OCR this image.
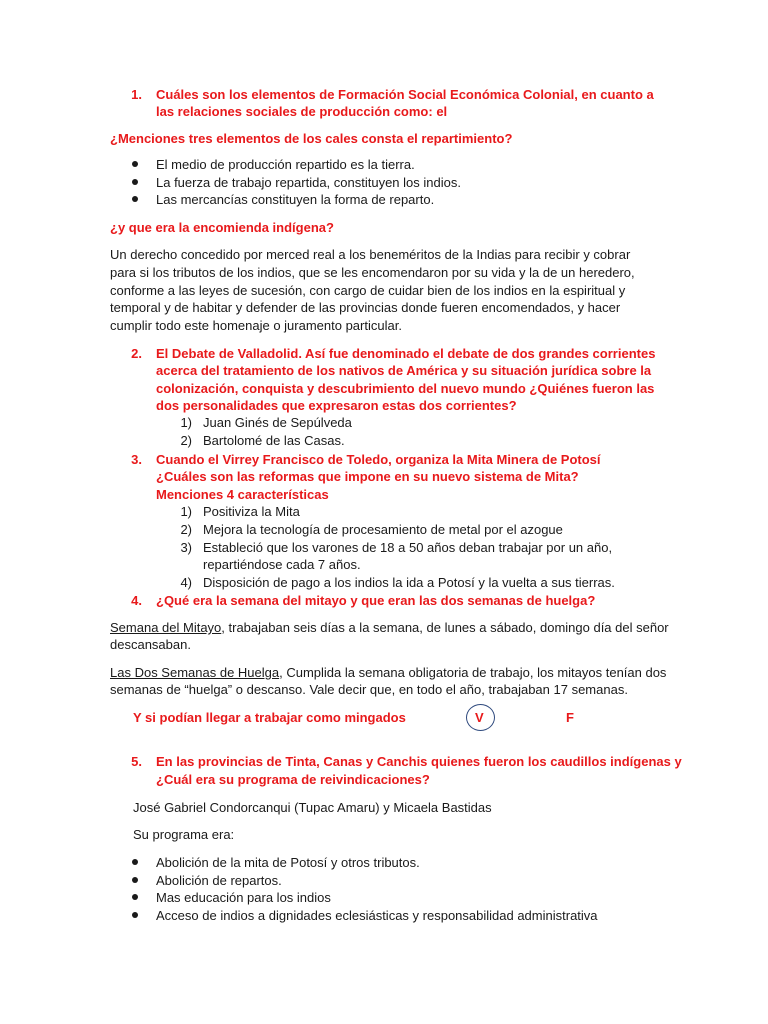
1. Cuáles son los elementos de Formación Social Económica Colonial, en cuanto a
las relaciones sociales de producción como: el
¿Menciones tres elementos de los cales consta el repartimiento?
El medio de producción repartido es la tierra.
La fuerza de trabajo repartida, constituyen los indios.
Las mercancías constituyen la forma de reparto.
¿y que era la encomienda indígena?
Un derecho concedido por merced real a los beneméritos de la Indias para recibir y cobrar
para si los tributos de los indios, que se les encomendaron por su vida y la de un heredero,
conforme a las leyes de sucesión, con cargo de cuidar bien de los indios en la espiritual y
temporal y de habitar y defender de las provincias donde fueren encomendados, y hacer
cumplir todo este homenaje o juramento particular.
2. El Debate de Valladolid. Así fue denominado el debate de dos grandes corrientes
acerca del tratamiento de los nativos de América y su situación jurídica sobre la
colonización, conquista y descubrimiento del nuevo mundo ¿Quiénes fueron las
dos personalidades que expresaron estas dos corrientes?
1) Juan Ginés de Sepúlveda
2) Bartolomé de las Casas.
3. Cuando el Virrey Francisco de Toledo, organiza la Mita Minera de Potosí
¿Cuáles son las reformas que impone en su nuevo sistema de Mita?
Menciones 4 características
1) Positiviza la Mita
2) Mejora la tecnología de procesamiento de metal por el azogue
3) Estableció que los varones de 18 a 50 años deban trabajar por un año,
repartiéndose cada 7 años.
4) Disposición de pago a los indios la ida a Potosí y la vuelta a sus tierras.
4. ¿Qué era la semana del mitayo y que eran las dos semanas de huelga?
Semana del Mitayo, trabajaban seis días a la semana, de lunes a sábado, domingo día del señor
descansaban.
Las Dos Semanas de Huelga, Cumplida la semana obligatoria de trabajo, los mitayos tenían dos
semanas de “huelga” o descanso. Vale decir que, en todo el año, trabajaban 17 semanas.
Y si podían llegar a trabajar como mingados	V	F
5. En las provincias de Tinta, Canas y Canchis quienes fueron los caudillos indígenas y
¿Cuál era su programa de reivindicaciones?
José Gabriel Condorcanqui (Tupac Amaru) y Micaela Bastidas
Su programa era:
Abolición de la mita de Potosí y otros tributos.
Abolición de repartos.
Mas educación para los indios
Acceso de indios a dignidades eclesiásticas y responsabilidad administrativa
